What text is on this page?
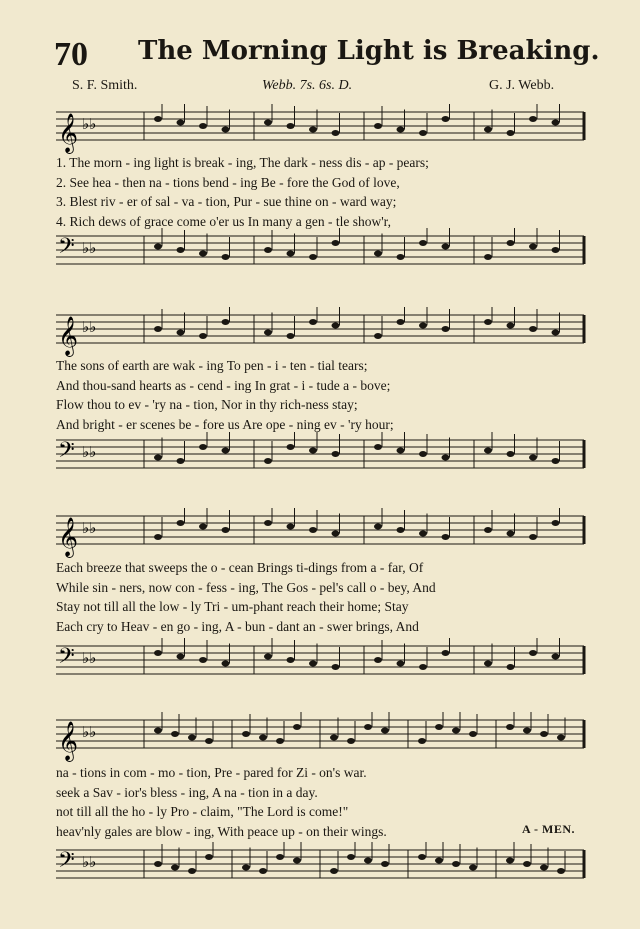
70 The Morning Light is Breaking.
S. F. Smith.	Webb. 7s. 6s. D.	G. J. Webb.
𝄞 ♭♭
1. The morn - ing light is break - ing, The dark - ness dis - ap - pears;
2. See hea - then na - tions bend - ing Be - fore the God of love,
3. Blest riv - er of sal - va - tion, Pur - sue thine on - ward way;
4. Rich dews of grace come o'er us In many a gen - tle show'r,
𝄢 ♭♭
𝄞 ♭♭
The sons of earth are wak - ing To pen - i - ten - tial tears;
And thou-sand hearts as - cend - ing In grat - i - tude a - bove;
Flow thou to ev - 'ry na - tion, Nor in thy rich-ness stay;
And bright - er scenes be - fore us Are ope - ning ev - 'ry hour;
𝄢 ♭♭
𝄞 ♭♭
Each breeze that sweeps the o - cean Brings ti-dings from a - far, Of
While sin - ners, now con - fess - ing, The Gos - pel's call o - bey, And
Stay not till all the low - ly Tri - um-phant reach their home; Stay
Each cry to Heav - en go - ing, A - bun - dant an - swer brings, And
𝄢 ♭♭
𝄞 ♭♭
na - tions in com - mo - tion, Pre - pared for Zi - on's war.
seek a Sav - ior's bless - ing, A na - tion in a day.
not till all the ho - ly Pro - claim, "The Lord is come!"
heav'nly gales are blow - ing, With peace up - on their wings.	A - MEN.
𝄢 ♭♭
